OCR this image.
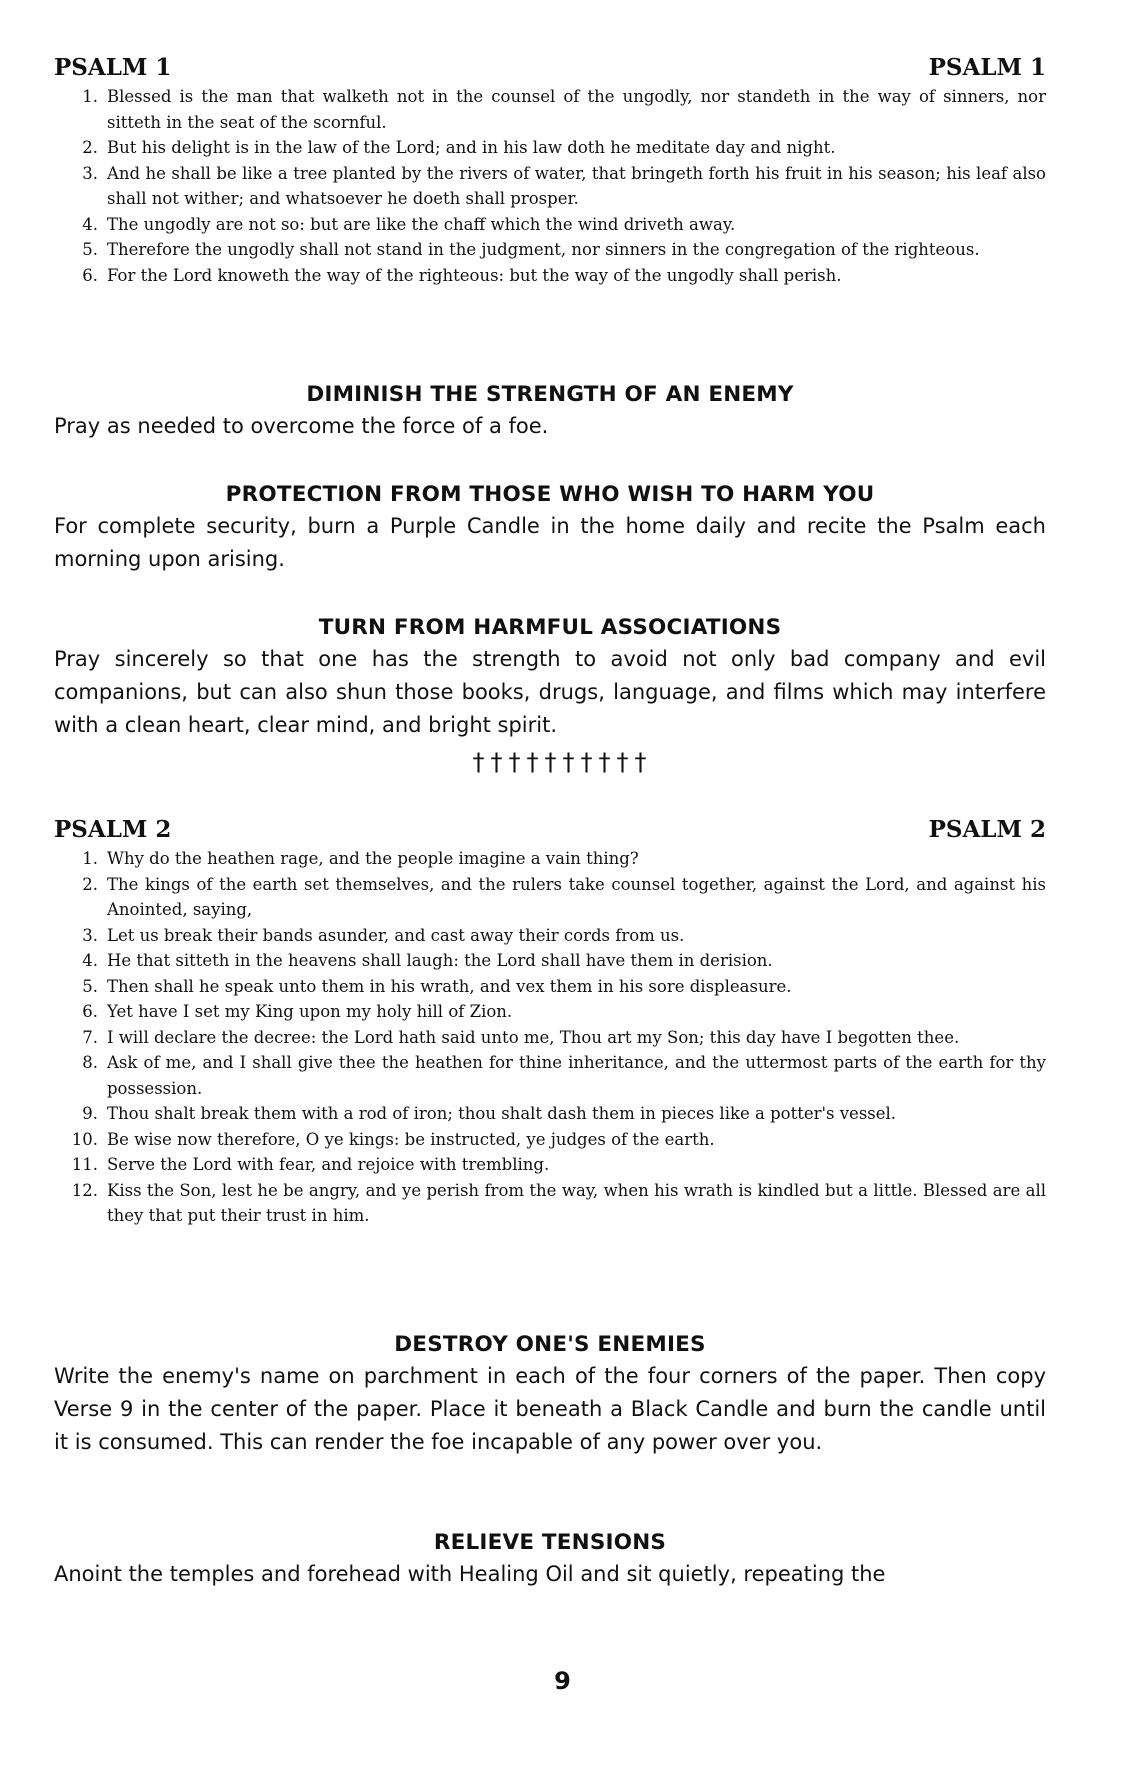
PSALM 1	PSALM 1
1. Blessed is the man that walketh not in the counsel of the ungodly, nor standeth in the way of sinners, nor sitteth in the seat of the scornful.
2. But his delight is in the law of the Lord; and in his law doth he meditate day and night.
3. And he shall be like a tree planted by the rivers of water, that bringeth forth his fruit in his season; his leaf also shall not wither; and whatsoever he doeth shall prosper.
4. The ungodly are not so: but are like the chaff which the wind driveth away.
5. Therefore the ungodly shall not stand in the judgment, nor sinners in the congregation of the righteous.
6. For the Lord knoweth the way of the righteous: but the way of the ungodly shall perish.
DIMINISH THE STRENGTH OF AN ENEMY

Pray as needed to overcome the force of a foe.

PROTECTION FROM THOSE WHO WISH TO HARM YOU

For complete security, burn a Purple Candle in the home daily and recite the Psalm each morning upon arising.

TURN FROM HARMFUL ASSOCIATIONS

Pray sincerely so that one has the strength to avoid not only bad company and evil companions, but can also shun those books, drugs, language, and films which may interfere with a clean heart, clear mind, and bright spirit.

††††††††††
PSALM 2	PSALM 2
1. Why do the heathen rage, and the people imagine a vain thing?
2. The kings of the earth set themselves, and the rulers take counsel together, against the Lord, and against his Anointed, saying,
3. Let us break their bands asunder, and cast away their cords from us.
4. He that sitteth in the heavens shall laugh: the Lord shall have them in derision.
5. Then shall he speak unto them in his wrath, and vex them in his sore displeasure.
6. Yet have I set my King upon my holy hill of Zion.
7. I will declare the decree: the Lord hath said unto me, Thou art my Son; this day have I begotten thee.
8. Ask of me, and I shall give thee the heathen for thine inheritance, and the uttermost parts of the earth for thy possession.
9. Thou shalt break them with a rod of iron; thou shalt dash them in pieces like a potter's vessel.
10. Be wise now therefore, O ye kings: be instructed, ye judges of the earth.
11. Serve the Lord with fear, and rejoice with trembling.
12. Kiss the Son, lest he be angry, and ye perish from the way, when his wrath is kindled but a little. Blessed are all they that put their trust in him.
DESTROY ONE'S ENEMIES

Write the enemy's name on parchment in each of the four corners of the paper. Then copy Verse 9 in the center of the paper. Place it beneath a Black Candle and burn the candle until it is consumed. This can render the foe incapable of any power over you.

RELIEVE TENSIONS

Anoint the temples and forehead with Healing Oil and sit quietly, repeating the

9
